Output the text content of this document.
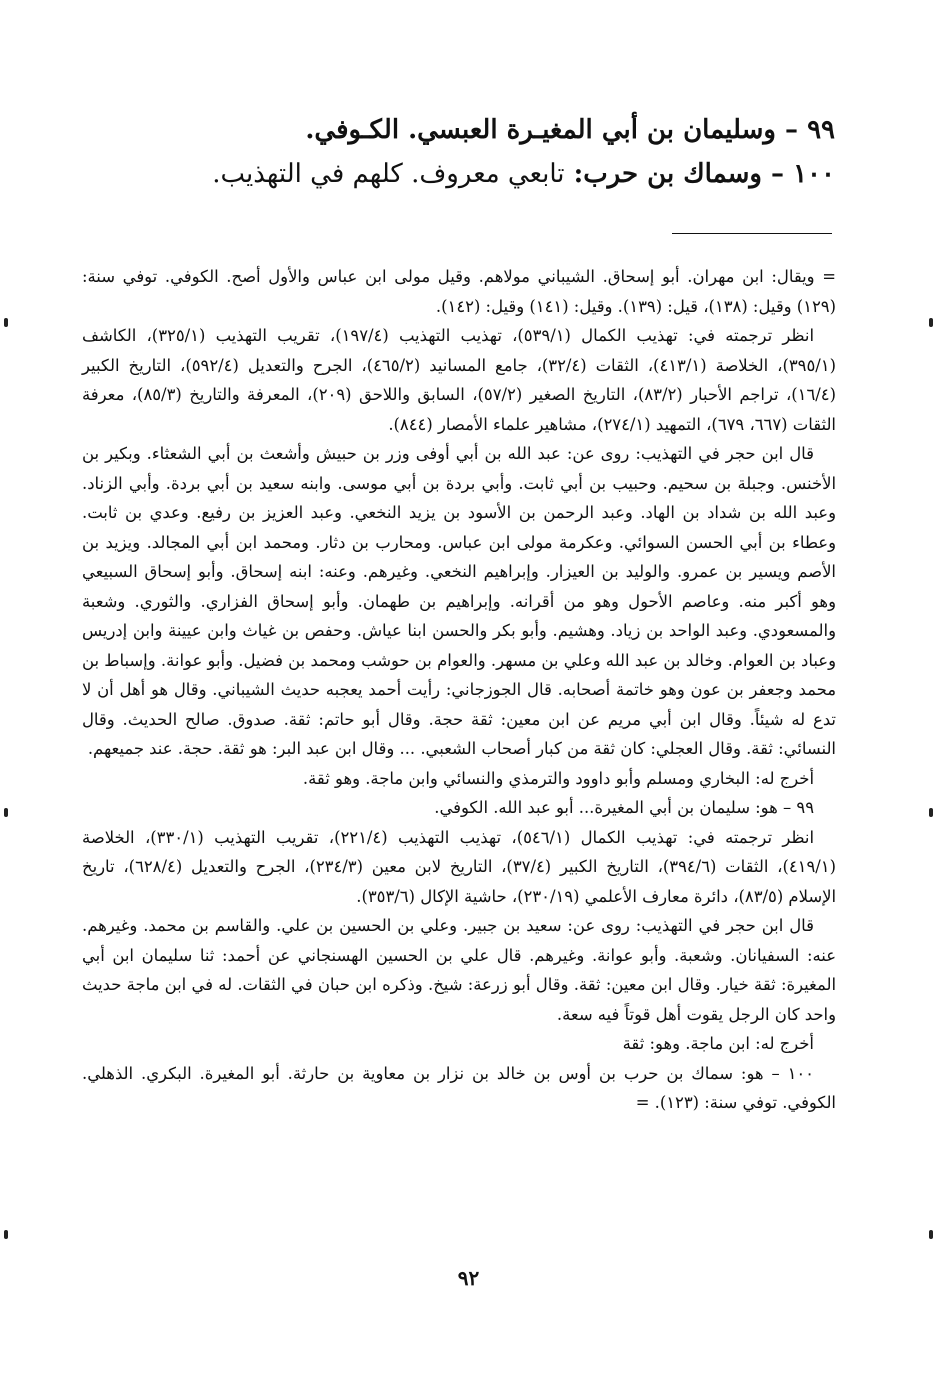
٩٩ – وسليمان بن أبي المغيـرة العبسي. الكـوفي.
١٠٠ – وسماك بن حرب: تابعي معروف. كلهم في التهذيب.

= ويقال: ابن مهران. أبو إسحاق. الشيباني مولاهم. وقيل مولى ابن عباس والأول أصح. الكوفي. توفي سنة: (١٢٩) وقيل: (١٣٨)، قيل: (١٣٩). وقيل: (١٤١) وقيل: (١٤٢).

انظر ترجمته في: تهذيب الكمال (٥٣٩/١)، تهذيب التهذيب (١٩٧/٤)، تقريب التهذيب (٣٢٥/١)، الكاشف (٣٩٥/١)، الخلاصة (٤١٣/١)، الثقات (٣٢/٤)، جامع المسانيد (٤٦٥/٢)، الجرح والتعديل (٥٩٢/٤)، التاريخ الكبير (١٦/٤)، تراجم الأحبار (٨٣/٢)، التاريخ الصغير (٥٧/٢)، السابق واللاحق (٢٠٩)، المعرفة والتاريخ (٨٥/٣)، معرفة الثقات (٦٦٧، ٦٧٩)، التمهيد (٢٧٤/١)، مشاهير علماء الأمصار (٨٤٤).

قال ابن حجر في التهذيب: روى عن: عبد الله بن أبي أوفى وزر بن حبيش وأشعث بن أبي الشعثاء. وبكير بن الأخنس. وجبلة بن سحيم. وحبيب بن أبي ثابت. وأبي بردة بن أبي موسى. وابنه سعيد بن أبي بردة. وأبي الزناد. وعبد الله بن شداد بن الهاد. وعبد الرحمن بن الأسود بن يزيد النخعي. وعبد العزيز بن رفيع. وعدي بن ثابت. وعطاء بن أبي الحسن السوائي. وعكرمة مولى ابن عباس. ومحارب بن دثار. ومحمد ابن أبي المجالد. ويزيد بن الأصم ويسير بن عمرو. والوليد بن العيزار. وإبراهيم النخعي. وغيرهم. وعنه: ابنه إسحاق. وأبو إسحاق السبيعي وهو أكبر منه. وعاصم الأحول وهو من أقرانه. وإبراهيم بن طهمان. وأبو إسحاق الفزاري. والثوري. وشعبة والمسعودي. وعبد الواحد بن زياد. وهشيم. وأبو بكر والحسن ابنا عياش. وحفص بن غياث وابن عيينة وابن إدريس وعباد بن العوام. وخالد بن عبد الله وعلي بن مسهر. والعوام بن حوشب ومحمد بن فضيل. وأبو عوانة. وإسباط بن محمد وجعفر بن عون وهو خاتمة أصحابه. قال الجوزجاني: رأيت أحمد يعجبه حديث الشيباني. وقال هو أهل أن لا تدع له شيئاً. وقال ابن أبي مريم عن ابن معين: ثقة حجة. وقال أبو حاتم: ثقة. صدوق. صالح الحديث. وقال النسائي: ثقة. وقال العجلي: كان ثقة من كبار أصحاب الشعبي. ... وقال ابن عبد البر: هو ثقة. حجة. عند جميعهم.

أخرج له: البخاري ومسلم وأبو داوود والترمذي والنسائي وابن ماجة. وهو ثقة.

٩٩ – هو: سليمان بن أبي المغيرة... أبو عبد الله. الكوفي.

انظر ترجمته في: تهذيب الكمال (٥٤٦/١)، تهذيب التهذيب (٢٢١/٤)، تقريب التهذيب (٣٣٠/١)، الخلاصة (٤١٩/١)، الثقات (٣٩٤/٦)، التاريخ الكبير (٣٧/٤)، التاريخ لابن معين (٢٣٤/٣)، الجرح والتعديل (٦٢٨/٤)، تاريخ الإسلام (٨٣/٥)، دائرة معارف الأعلمي (٢٣٠/١٩)، حاشية الإكال (٣٥٣/٦).

قال ابن حجر في التهذيب: روى عن: سعيد بن جبير. وعلي بن الحسين بن علي. والقاسم بن محمد. وغيرهم. عنه: السفيانان. وشعبة. وأبو عوانة. وغيرهم. قال علي بن الحسين الهسنجاني عن أحمد: ثنا سليمان ابن أبي المغيرة: ثقة خيار. وقال ابن معين: ثقة. وقال أبو زرعة: شيخ. وذكره ابن حبان في الثقات. له في ابن ماجة حديث واحد كان الرجل يقوت أهل قوتاً فيه سعة.

أخرج له: ابن ماجة. وهو: ثقة

١٠٠ – هو: سماك بن حرب بن أوس بن خالد بن نزار بن معاوية بن حارثة. أبو المغيرة. البكري. الذهلي. الكوفي. توفي سنة: (١٢٣). =

٩٢
